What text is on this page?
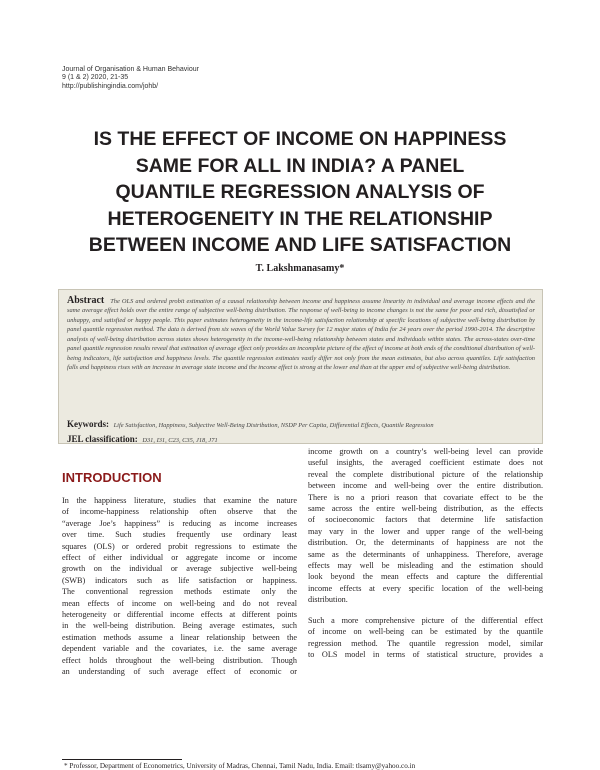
Journal of Organisation & Human Behaviour
9 (1 & 2) 2020, 21-35
http://publishingindia.com/johb/
IS THE EFFECT OF INCOME ON HAPPINESS
SAME FOR ALL IN INDIA? A PANEL
QUANTILE REGRESSION ANALYSIS OF
HETEROGENEITY IN THE RELATIONSHIP
BETWEEN INCOME AND LIFE SATISFACTION
T. Lakshmanasamy*
Abstract The OLS and ordered probit estimation of a causal relationship between income and happiness assume linearity in individual and average income effects and the same average effect holds over the entire range of subjective well-being distribution. The response of well-being to income changes is not the same for poor and rich, dissatisfied or unhappy, and satisfied or happy people. This paper estimates heterogeneity in the income-life satisfaction relationship at specific locations of subjective well-being distribution by panel quantile regression method. The data is derived from six waves of the World Value Survey for 12 major states of India for 24 years over the period 1990-2014. The descriptive analysis of well-being distribution across states shows heterogeneity in the income-well-being relationship between states and individuals within states. The across-states over-time panel quantile regression results reveal that estimation of average effect only provides an incomplete picture of the effect of income at both ends of the conditional distribution of well-being indicators, life satisfaction and happiness levels. The quantile regression estimates vastly differ not only from the mean estimates, but also across quantiles. Life satisfaction falls and happiness rises with an increase in average state income and the income effect is strong at the lower end than at the upper end of subjective well-being distribution.
Keywords: Life Satisfaction, Happiness, Subjective Well-Being Distribution, NSDP Per Capita, Differential Effects, Quantile Regression
JEL classification: D31, I31, C23, C35, J18, J71
INTRODUCTION
In the happiness literature, studies that examine the nature
of income-happiness relationship often observe that the
“average Joe’s happiness” is reducing as income increases
over time. Such studies frequently use ordinary least
squares (OLS) or ordered probit regressions to estimate the
effect of either individual or aggregate income or income
growth on the individual or average subjective well-being
(SWB) indicators such as life satisfaction or happiness.
The conventional regression methods estimate only the
mean effects of income on well-being and do not reveal
heterogeneity or differential income effects at different points
in the well-being distribution. Being average estimates, such
estimation methods assume a linear relationship between the
dependent variable and the covariates, i.e. the same average
effect holds throughout the well-being distribution. Though
an understanding of such average effect of economic or
income growth on a country’s well-being level can provide
useful insights, the averaged coefficient estimate does not
reveal the complete distributional picture of the relationship
between income and well-being over the entire distribution.
There is no a priori reason that covariate effect to be the
same across the entire well-being distribution, as the effects
of socioeconomic factors that determine life satisfaction
may vary in the lower and upper range of the well-being
distribution. Or, the determinants of happiness are not the
same as the determinants of unhappiness. Therefore, average
effects may well be misleading and the estimation should
look beyond the mean effects and capture the differential
income effects at every specific location of the well-being
distribution.
Such a more comprehensive picture of the differential effect
of income on well-being can be estimated by the quantile
regression method. The quantile regression model, similar
to OLS model in terms of statistical structure, provides a
* Professor, Department of Econometrics, University of Madras, Chennai, Tamil Nadu, India. Email: tlsamy@yahoo.co.in
